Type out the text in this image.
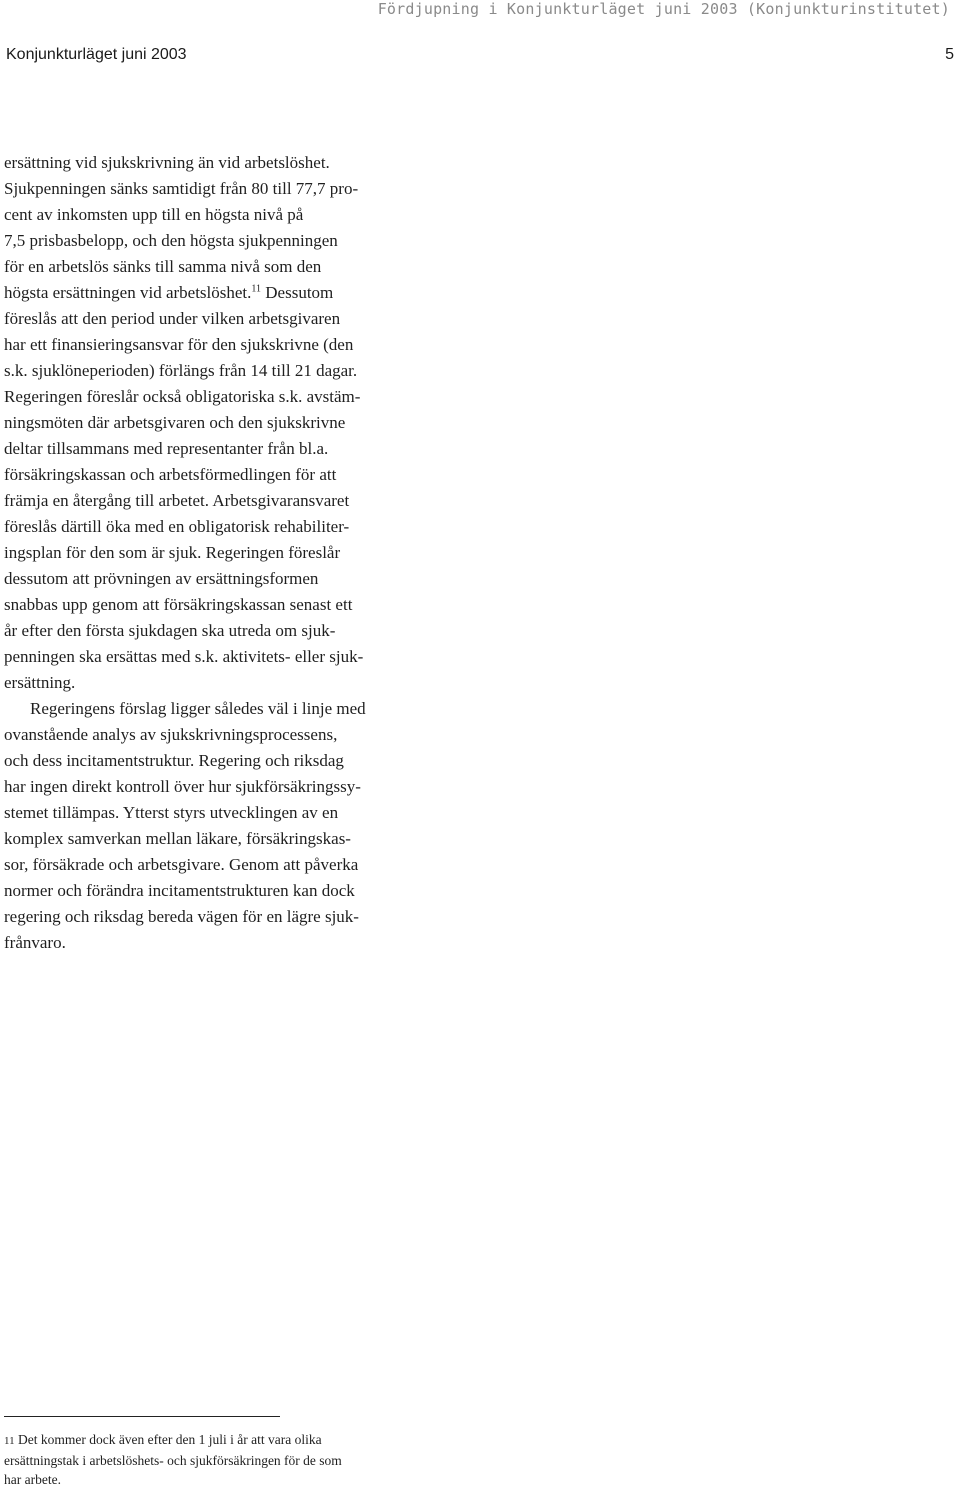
Fördjupning i Konjunkturläget juni 2003 (Konjunkturinstitutet)
Konjunkturläget juni 2003	5

ersättning vid sjukskrivning än vid arbetslöshet.
Sjukpenningen sänks samtidigt från 80 till 77,7 pro-
cent av inkomsten upp till en högsta nivå på
7,5 prisbasbelopp, och den högsta sjukpenningen
för en arbetslös sänks till samma nivå som den
högsta ersättningen vid arbetslöshet.$^{11}$ Dessutom
föreslås att den period under vilken arbetsgivaren
har ett finansieringsansvar för den sjukskrivne (den
s.k. sjuklöneperioden) förlängs från 14 till 21 dagar.
Regeringen föreslår också obligatoriska s.k. avstäm-
ningsmöten där arbetsgivaren och den sjukskrivne
deltar tillsammans med representanter från bl.a.
försäkringskassan och arbetsförmedlingen för att
främja en återgång till arbetet. Arbetsgivaransvaret
föreslås därtill öka med en obligatorisk rehabiliter-
ingsplan för den som är sjuk. Regeringen föreslår
dessutom att prövningen av ersättningsformen
snabbas upp genom att försäkringskassan senast ett
år efter den första sjukdagen ska utreda om sjuk-
penningen ska ersättas med s.k. aktivitets- eller sjuk-
ersättning.

Regeringens förslag ligger således väl i linje med
ovanstående analys av sjukskrivningsprocessens,
och dess incitamentstruktur. Regering och riksdag
har ingen direkt kontroll över hur sjukförsäkringssy-
stemet tillämpas. Ytterst styrs utvecklingen av en
komplex samverkan mellan läkare, försäkringskas-
sor, försäkrade och arbetsgivare. Genom att påverka
normer och förändra incitamentstrukturen kan dock
regering och riksdag bereda vägen för en lägre sjuk-
frånvaro.

11 Det kommer dock även efter den 1 juli i år att vara olika
ersättningstak i arbetslöshets- och sjukförsäkringen för de som
har arbete.
